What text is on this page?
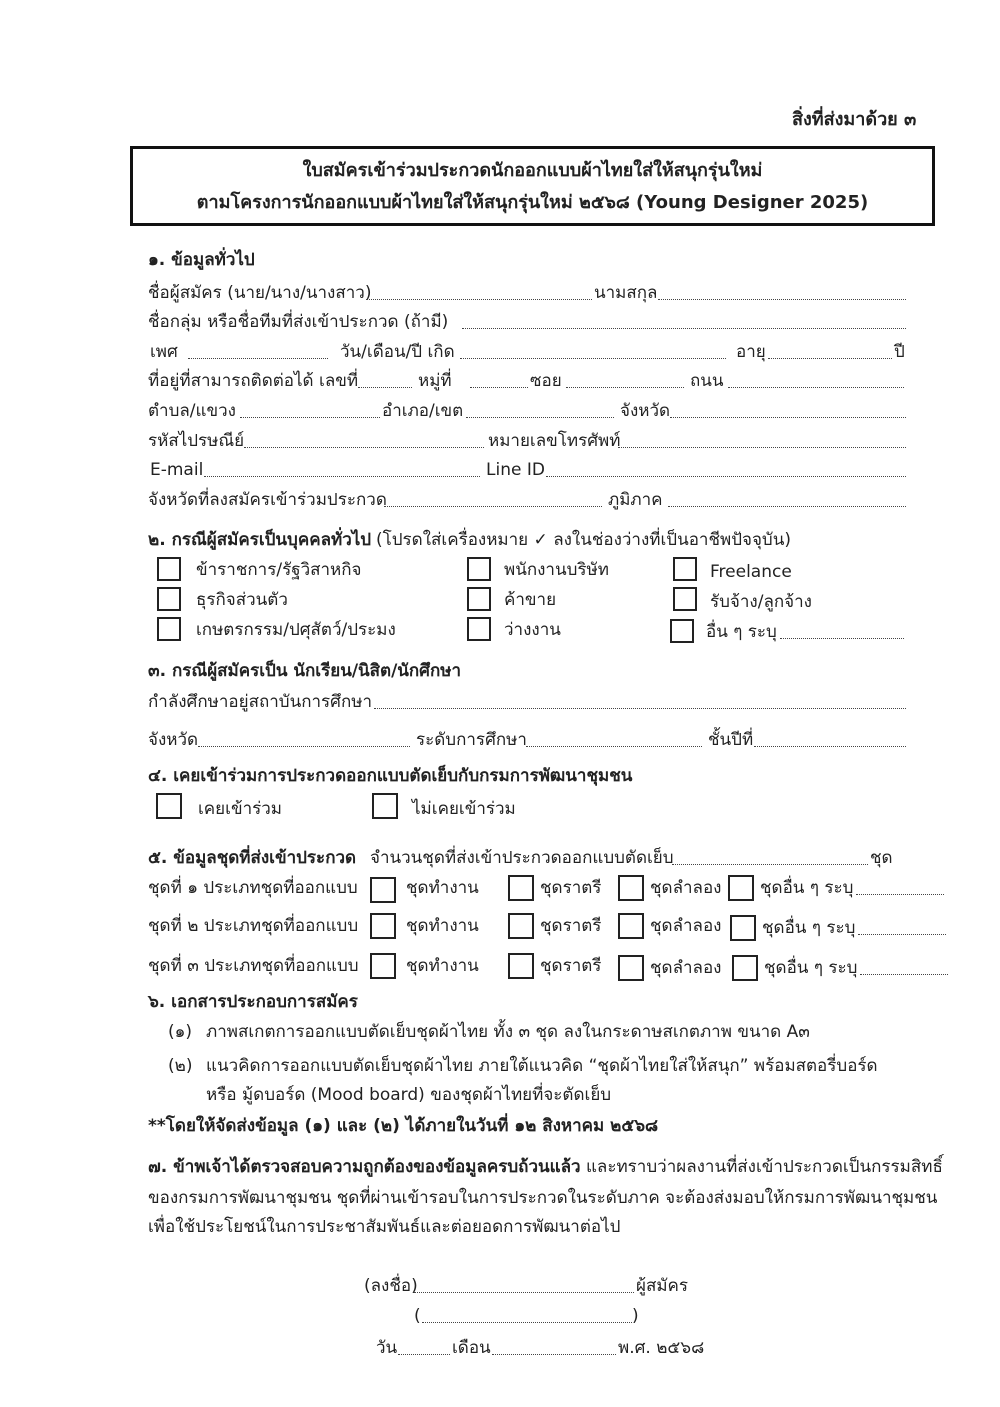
สิ่งที่ส่งมาด้วย ๓
ใบสมัครเข้าร่วมประกวดนักออกแบบผ้าไทยใส่ให้สนุกรุ่นใหม่
ตามโครงการนักออกแบบผ้าไทยใส่ให้สนุกรุ่นใหม่ ๒๕๖๘ (Young Designer 2025)
๑. ข้อมูลทั่วไป
ชื่อผู้สมัคร (นาย/นาง/นางสาว)	นามสกุล
ชื่อกลุ่ม หรือชื่อทีมที่ส่งเข้าประกวด (ถ้ามี)
เพศ	วัน/เดือน/ปี เกิด	อายุ	ปี
ที่อยู่ที่สามารถติดต่อได้ เลขที่	หมู่ที่	ซอย	ถนน
ตำบล/แขวง	อำเภอ/เขต	จังหวัด
รหัสไปรษณีย์	หมายเลขโทรศัพท์
E-mail	Line ID
จังหวัดที่ลงสมัครเข้าร่วมประกวด	ภูมิภาค
๒. กรณีผู้สมัครเป็นบุคคลทั่วไป (โปรดใส่เครื่องหมาย ✓ ลงในช่องว่างที่เป็นอาชีพปัจจุบัน)
ข้าราชการ/รัฐวิสาหกิจ	พนักงานบริษัท	Freelance
ธุรกิจส่วนตัว	ค้าขาย	รับจ้าง/ลูกจ้าง
เกษตรกรรม/ปศุสัตว์/ประมง	ว่างงาน	อื่น ๆ ระบุ
๓. กรณีผู้สมัครเป็น นักเรียน/นิสิต/นักศึกษา
กำลังศึกษาอยู่สถาบันการศึกษา
จังหวัด	ระดับการศึกษา	ชั้นปีที่
๔. เคยเข้าร่วมการประกวดออกแบบตัดเย็บกับกรมการพัฒนาชุมชน
เคยเข้าร่วม	ไม่เคยเข้าร่วม
๕. ข้อมูลชุดที่ส่งเข้าประกวด จำนวนชุดที่ส่งเข้าประกวดออกแบบตัดเย็บ	ชุด
ชุดที่ ๑ ประเภทชุดที่ออกแบบ	ชุดทำงาน	ชุดราตรี	ชุดลำลอง ชุดอื่น ๆ ระบุ
ชุดที่ ๒ ประเภทชุดที่ออกแบบ	ชุดทำงาน	ชุดราตรี	ชุดลำลอง ชุดอื่น ๆ ระบุ
ชุดที่ ๓ ประเภทชุดที่ออกแบบ	ชุดทำงาน	ชุดราตรี	ชุดลำลอง	ชุดอื่น ๆ ระบุ
๖. เอกสารประกอบการสมัคร
(๑) ภาพสเกตการออกแบบตัดเย็บชุดผ้าไทย ทั้ง ๓ ชุด ลงในกระดาษสเกตภาพ ขนาด A๓
(๒) แนวคิดการออกแบบตัดเย็บชุดผ้าไทย ภายใต้แนวคิด “ชุดผ้าไทยใส่ให้สนุก” พร้อมสตอรี่บอร์ด
หรือ มู้ดบอร์ด (Mood board) ของชุดผ้าไทยที่จะตัดเย็บ
**โดยให้จัดส่งข้อมูล (๑) และ (๒) ได้ภายในวันที่ ๑๒ สิงหาคม ๒๕๖๘
๗. ข้าพเจ้าได้ตรวจสอบความถูกต้องของข้อมูลครบถ้วนแล้ว และทราบว่าผลงานที่ส่งเข้าประกวดเป็นกรรมสิทธิ์
ของกรมการพัฒนาชุมชน ชุดที่ผ่านเข้ารอบในการประกวดในระดับภาค จะต้องส่งมอบให้กรมการพัฒนาชุมชน
เพื่อใช้ประโยชน์ในการประชาสัมพันธ์และต่อยอดการพัฒนาต่อไป
(ลงชื่อ)	ผู้สมัคร
(	)
วัน	เดือน	พ.ศ. ๒๕๖๘
